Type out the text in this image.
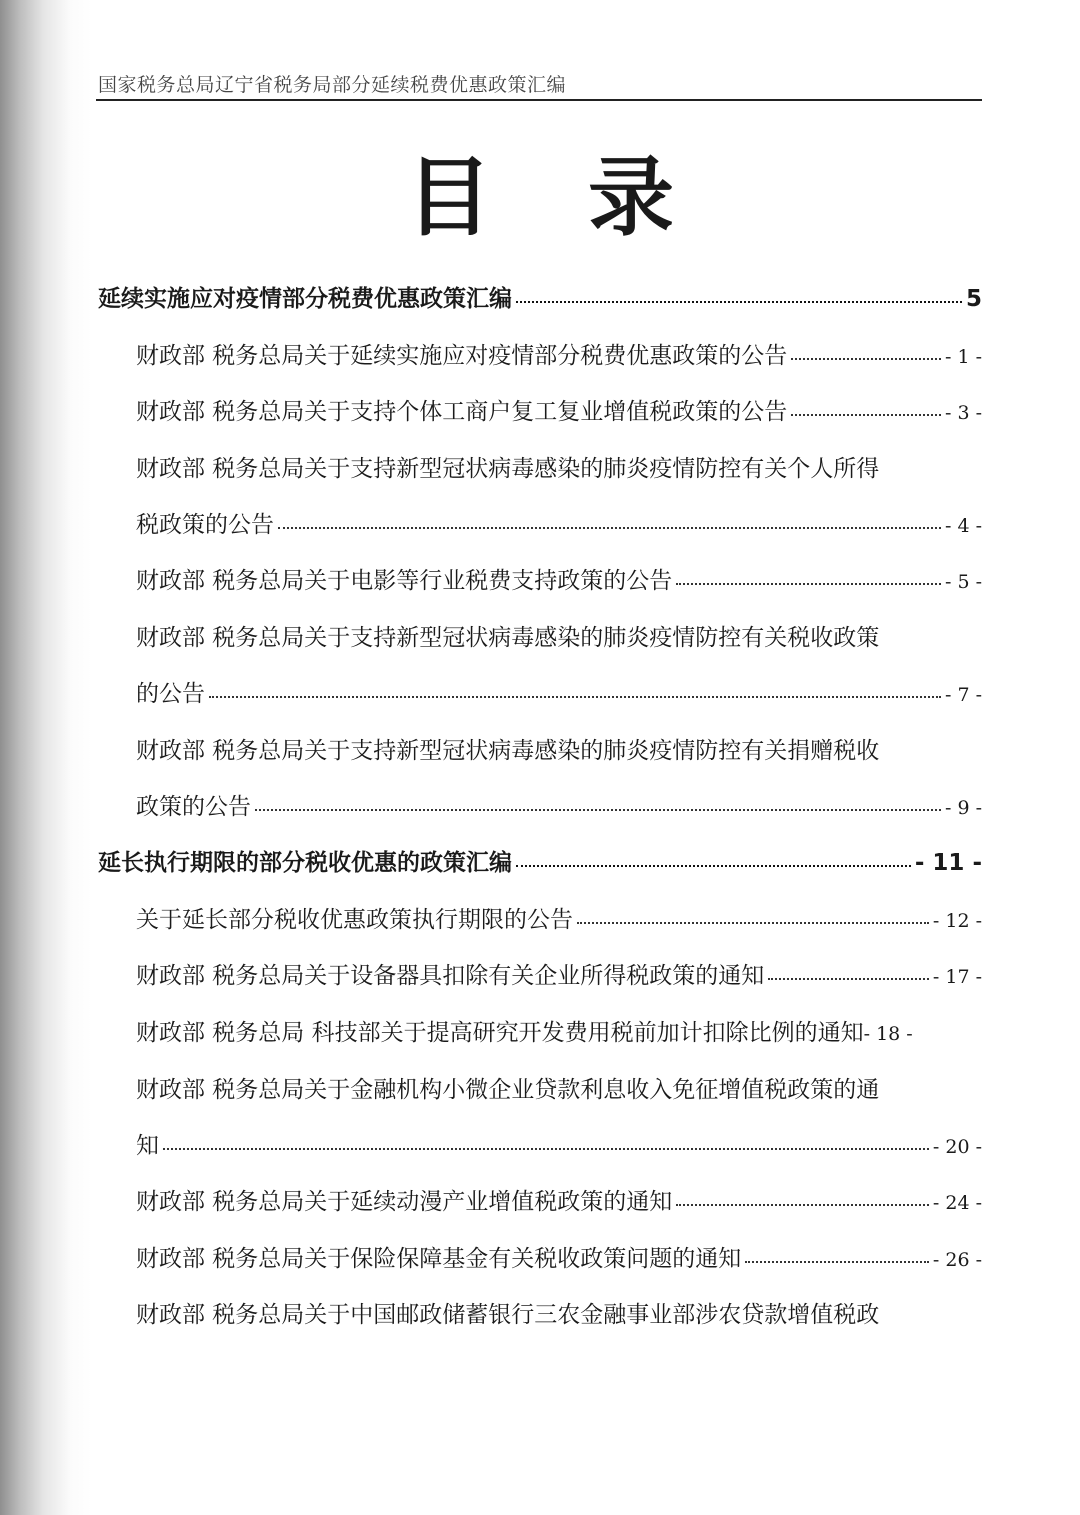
国家税务总局辽宁省税务局部分延续税费优惠政策汇编
目 录
延续实施应对疫情部分税费优惠政策汇编	5
财政部 税务总局关于延续实施应对疫情部分税费优惠政策的公告	- 1 -
财政部 税务总局关于支持个体工商户复工复业增值税政策的公告	- 3 -
财政部 税务总局关于支持新型冠状病毒感染的肺炎疫情防控有关个人所得
税政策的公告	- 4 -
财政部 税务总局关于电影等行业税费支持政策的公告	- 5 -
财政部 税务总局关于支持新型冠状病毒感染的肺炎疫情防控有关税收政策
的公告	- 7 -
财政部 税务总局关于支持新型冠状病毒感染的肺炎疫情防控有关捐赠税收
政策的公告	- 9 -
延长执行期限的部分税收优惠的政策汇编	- 11 -
关于延长部分税收优惠政策执行期限的公告	- 12 -
财政部 税务总局关于设备器具扣除有关企业所得税政策的通知	- 17 -
财政部 税务总局 科技部关于提高研究开发费用税前加计扣除比例的通知 - 18 -
财政部 税务总局关于金融机构小微企业贷款利息收入免征增值税政策的通
知	- 20 -
财政部 税务总局关于延续动漫产业增值税政策的通知	- 24 -
财政部 税务总局关于保险保障基金有关税收政策问题的通知	- 26 -
财政部 税务总局关于中国邮政储蓄银行三农金融事业部涉农贷款增值税政
